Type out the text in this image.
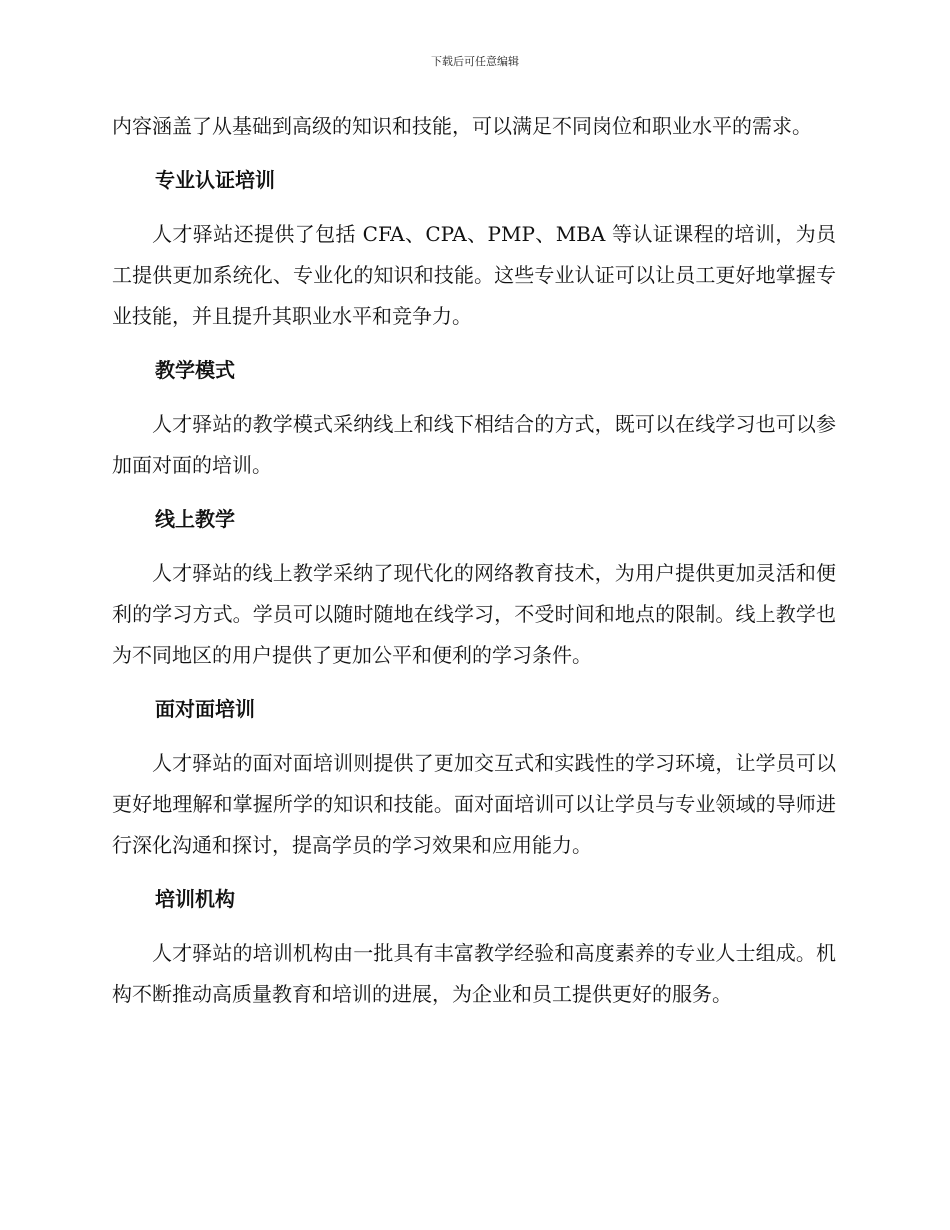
下载后可任意编辑

内容涵盖了从基础到高级的知识和技能，可以满足不同岗位和职业水平的需求。

专业认证培训

人才驿站还提供了包括 CFA、CPA、PMP、MBA 等认证课程的培训，为员工提供更加系统化、专业化的知识和技能。这些专业认证可以让员工更好地掌握专业技能，并且提升其职业水平和竞争力。

教学模式

人才驿站的教学模式采纳线上和线下相结合的方式，既可以在线学习也可以参加面对面的培训。

线上教学

人才驿站的线上教学采纳了现代化的网络教育技术，为用户提供更加灵活和便利的学习方式。学员可以随时随地在线学习，不受时间和地点的限制。线上教学也为不同地区的用户提供了更加公平和便利的学习条件。

面对面培训

人才驿站的面对面培训则提供了更加交互式和实践性的学习环境，让学员可以更好地理解和掌握所学的知识和技能。面对面培训可以让学员与专业领域的导师进行深化沟通和探讨，提高学员的学习效果和应用能力。

培训机构

人才驿站的培训机构由一批具有丰富教学经验和高度素养的专业人士组成。机构不断推动高质量教育和培训的进展，为企业和员工提供更好的服务。
